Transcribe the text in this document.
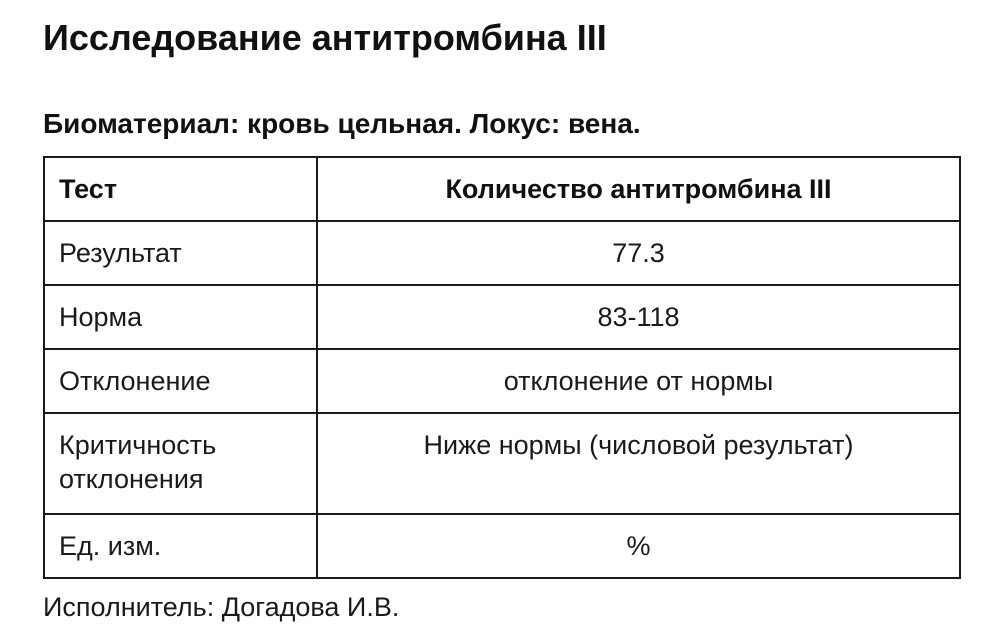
Исследование антитромбина III

Биоматериал: кровь цельная. Локус: вена.

Тест	Количество антитромбина III
Результат	77.3
Норма	83-118
Отклонение	отклонение от нормы
Критичность отклонения	Ниже нормы (числовой результат)
Ед. изм.	%

Исполнитель: Догадова И.В.
